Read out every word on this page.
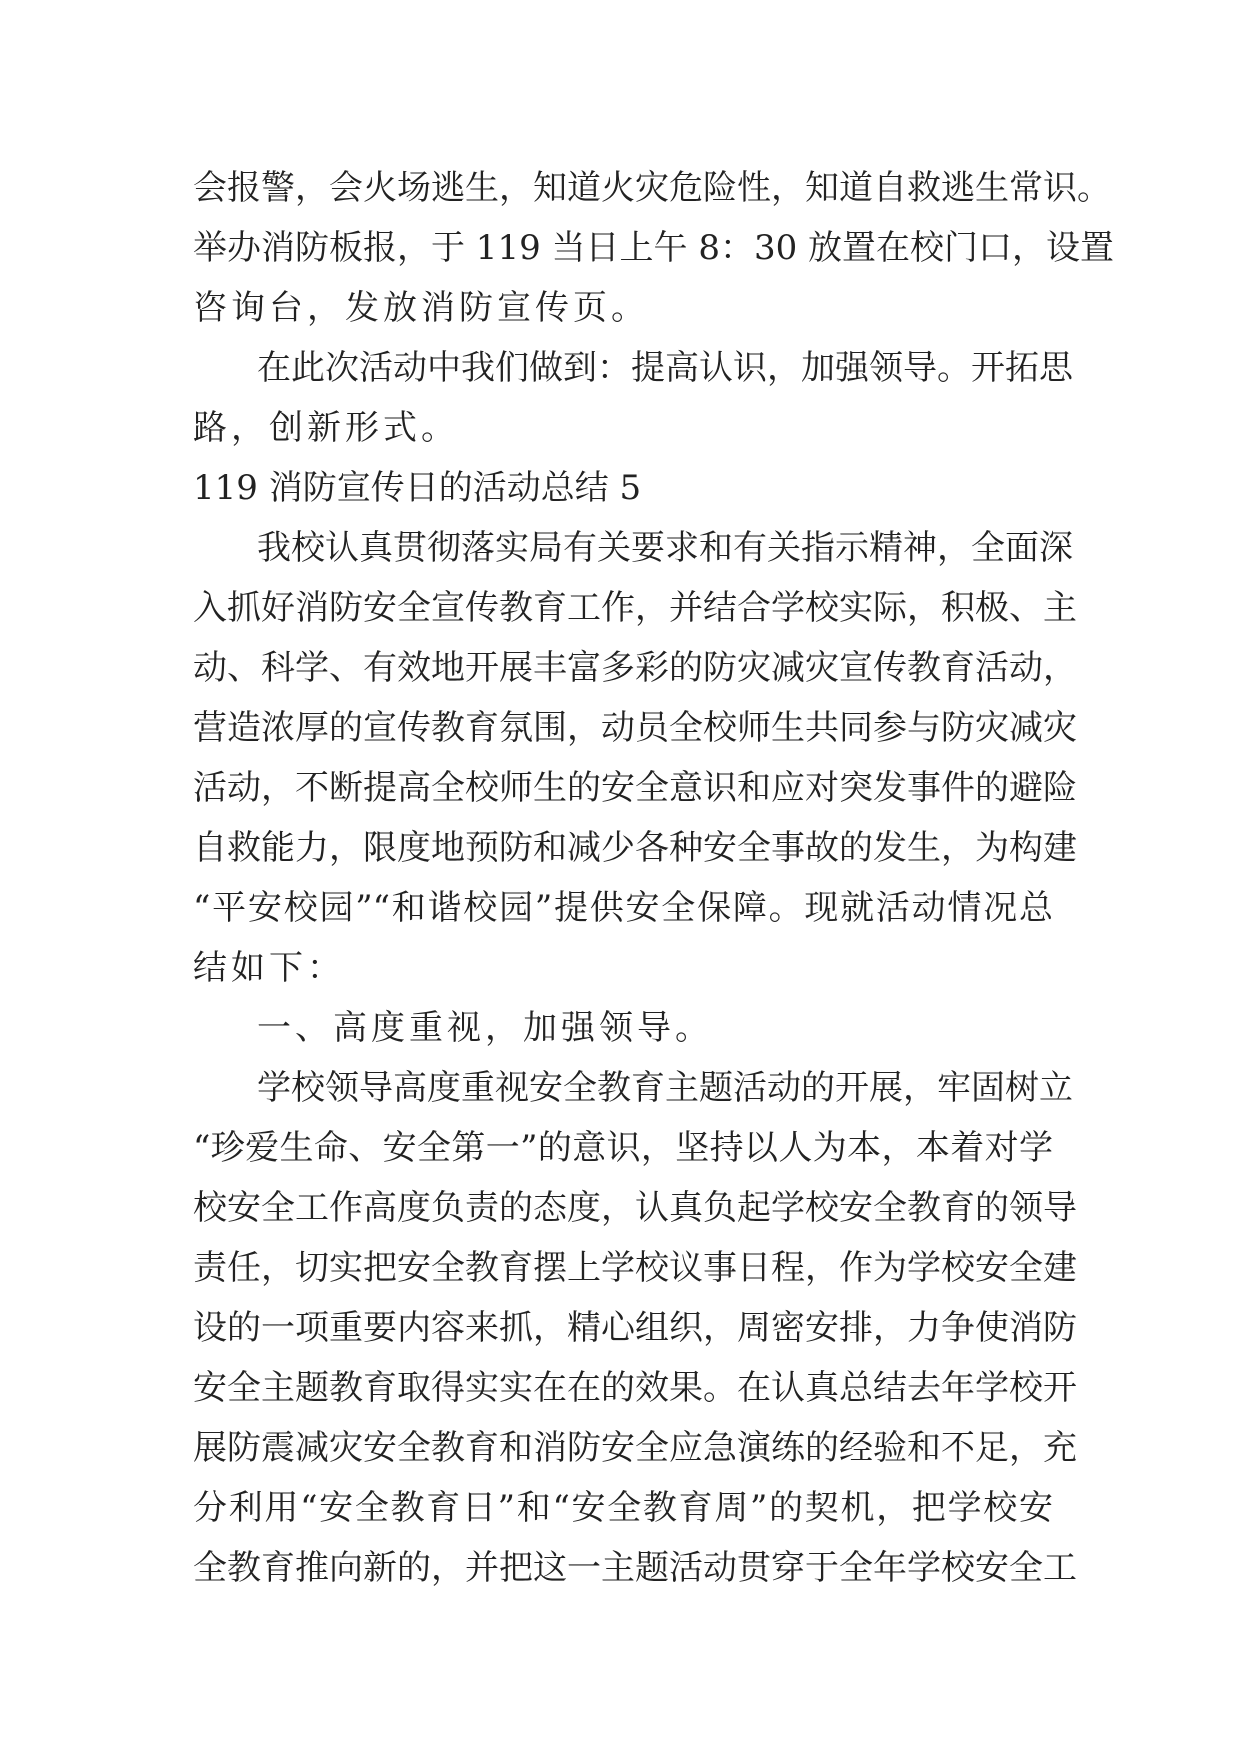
会报警，会火场逃生，知道火灾危险性，知道自救逃生常识。
举办消防板报，于 119 当日上午 8：30 放置在校门口，设置
咨询台，发放消防宣传页。
在此次活动中我们做到：提高认识，加强领导。开拓思
路，创新形式。
119 消防宣传日的活动总结 5
我校认真贯彻落实局有关要求和有关指示精神，全面深
入抓好消防安全宣传教育工作，并结合学校实际，积极、主
动、科学、有效地开展丰富多彩的防灾减灾宣传教育活动，
营造浓厚的宣传教育氛围，动员全校师生共同参与防灾减灾
活动，不断提高全校师生的安全意识和应对突发事件的避险
自救能力，限度地预防和减少各种安全事故的发生，为构建
“平安校园”“和谐校园”提供安全保障。现就活动情况总
结如下：
一、高度重视，加强领导。
学校领导高度重视安全教育主题活动的开展，牢固树立
“珍爱生命、安全第一”的意识，坚持以人为本，本着对学
校安全工作高度负责的态度，认真负起学校安全教育的领导
责任，切实把安全教育摆上学校议事日程，作为学校安全建
设的一项重要内容来抓，精心组织，周密安排，力争使消防
安全主题教育取得实实在在的效果。在认真总结去年学校开
展防震减灾安全教育和消防安全应急演练的经验和不足，充
分利用“安全教育日”和“安全教育周”的契机，把学校安
全教育推向新的，并把这一主题活动贯穿于全年学校安全工
